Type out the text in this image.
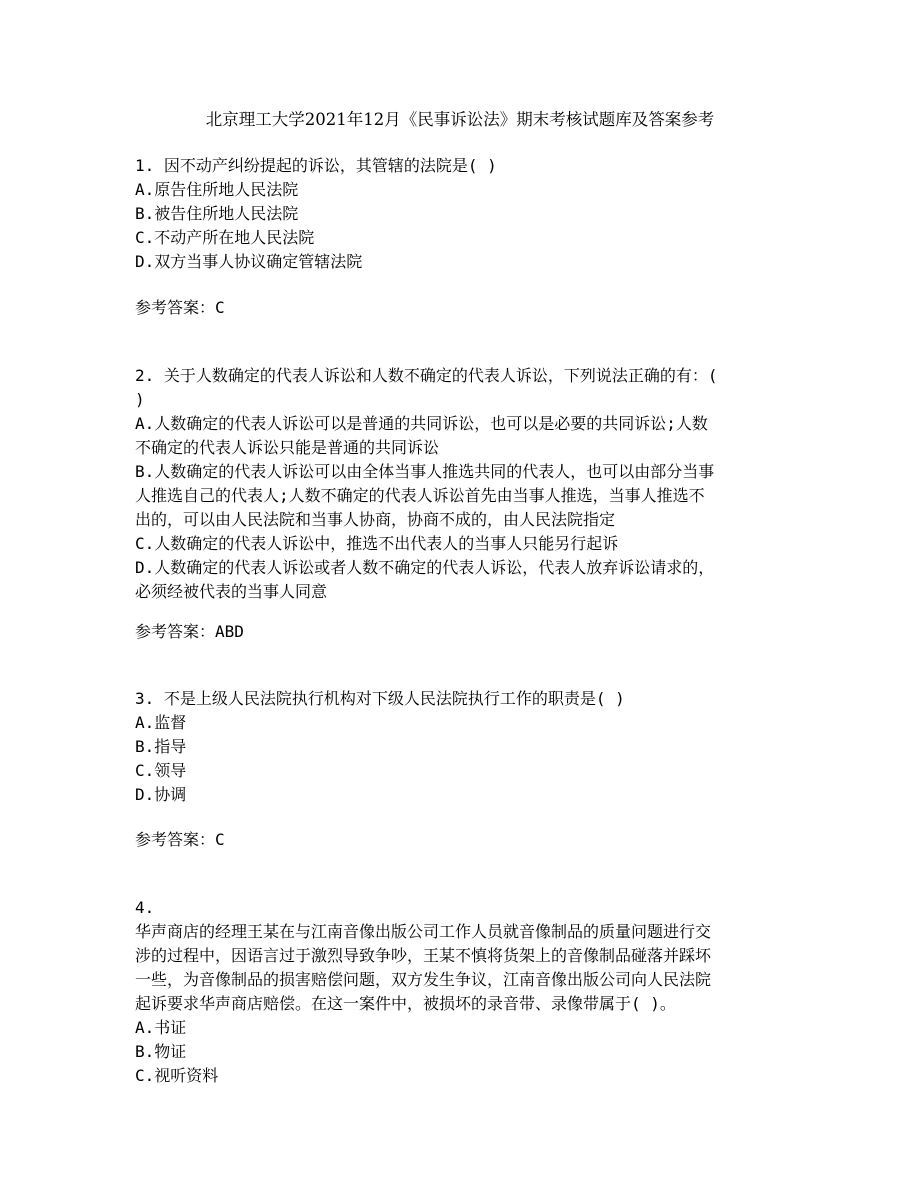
北京理工大学2021年12月《民事诉讼法》期末考核试题库及答案参考
1. 因不动产纠纷提起的诉讼，其管辖的法院是( )
A.原告住所地人民法院
B.被告住所地人民法院
C.不动产所在地人民法院
D.双方当事人协议确定管辖法院
参考答案：C
2. 关于人数确定的代表人诉讼和人数不确定的代表人诉讼，下列说法正确的有：(
)
A.人数确定的代表人诉讼可以是普通的共同诉讼，也可以是必要的共同诉讼;人数
不确定的代表人诉讼只能是普通的共同诉讼
B.人数确定的代表人诉讼可以由全体当事人推选共同的代表人，也可以由部分当事
人推选自己的代表人;人数不确定的代表人诉讼首先由当事人推选，当事人推选不
出的，可以由人民法院和当事人协商，协商不成的，由人民法院指定
C.人数确定的代表人诉讼中，推选不出代表人的当事人只能另行起诉
D.人数确定的代表人诉讼或者人数不确定的代表人诉讼，代表人放弃诉讼请求的，
必须经被代表的当事人同意
参考答案：ABD
3. 不是上级人民法院执行机构对下级人民法院执行工作的职责是( )
A.监督
B.指导
C.领导
D.协调
参考答案：C
4.
华声商店的经理王某在与江南音像出版公司工作人员就音像制品的质量问题进行交
涉的过程中，因语言过于激烈导致争吵，王某不慎将货架上的音像制品碰落并踩坏
一些，为音像制品的损害赔偿问题，双方发生争议，江南音像出版公司向人民法院
起诉要求华声商店赔偿。在这一案件中，被损坏的录音带、录像带属于( )。
A.书证
B.物证
C.视听资料
